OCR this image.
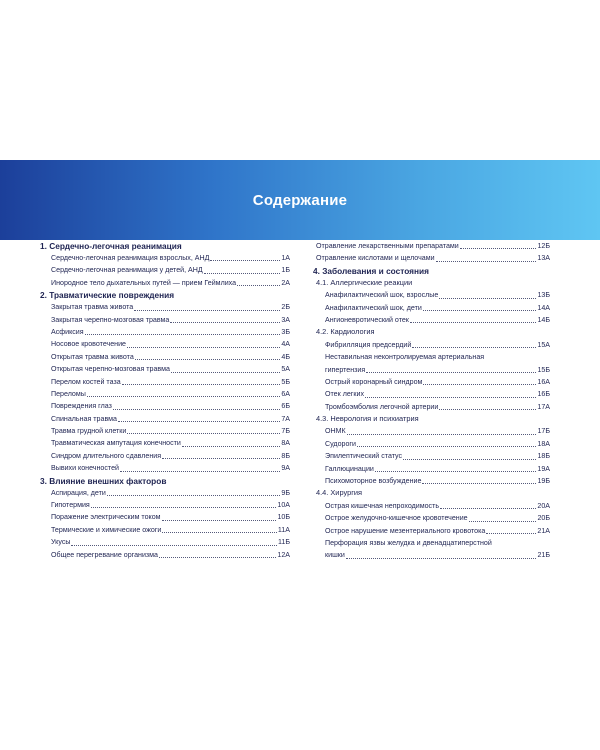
Содержание
1. Сердечно-легочная реанимация
Сердечно-легочная реанимация взрослых, АНД	1А
Сердечно-легочная реанимация у детей, АНД	1Б
Инородное тело дыхательных путей — прием Геймлиха	2А
2. Травматические повреждения
Закрытая травма живота	2Б
Закрытая черепно-мозговая травма	3А
Асфиксия	3Б
Носовое кровотечение	4А
Открытая травма живота	4Б
Открытая черепно-мозговая травма	5А
Перелом костей таза	5Б
Переломы	6А
Повреждения глаз	6Б
Спинальная травма	7А
Травма грудной клетки	7Б
Травматическая ампутация конечности	8А
Синдром длительного сдавления	8Б
Вывихи конечностей	9А
3. Влияние внешних факторов
Аспирация, дети	9Б
Гипотермия	10А
Поражение электрическим током	10Б
Термические и химические ожоги	11А
Укусы	11Б
Общее перегревание организма	12А
Отравление лекарственными препаратами	12Б
Отравление кислотами и щелочами	13А
4. Заболевания и состояния
4.1. Аллергические реакции
Анафилактический шок, взрослые	13Б
Анафилактический шок, дети	14А
Ангионевротический отек	14Б
4.2. Кардиология
Фибрилляция предсердий	15А
Неставильная неконтролируемая артериальная
гипертензия	15Б
Острый коронарный синдром	16А
Отек легких	16Б
Тромбоэмболия легочной артерии	17А
4.3. Неврология и психиатрия
ОНМК	17Б
Судороги	18А
Эпилептический статус	18Б
Галлюцинации	19А
Психомоторное возбуждение	19Б
4.4. Хирургия
Острая кишечная непроходимость	20А
Острое желудочно-кишечное кровотечение	20Б
Острое нарушение мезентериального кровотока	21А
Перфорация язвы желудка и двенадцатиперстной
кишки	21Б
